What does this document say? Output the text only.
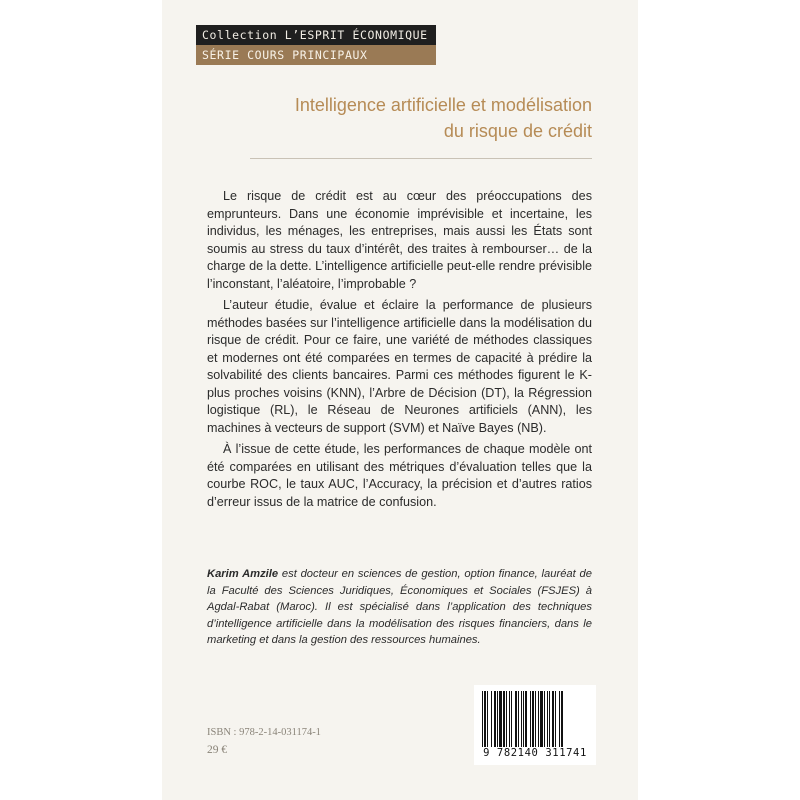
Collection L’ESPRIT ÉCONOMIQUE
SÉRIE COURS PRINCIPAUX
Intelligence artificielle et modélisation
du risque de crédit

Le risque de crédit est au cœur des préoccupations des emprunteurs. Dans une économie imprévisible et incertaine, les individus, les ménages, les entreprises, mais aussi les États sont soumis au stress du taux d’intérêt, des traites à rembourser… de la charge de la dette. L’intelligence artificielle peut-elle rendre prévisible l’inconstant, l’aléatoire, l’improbable ?

L’auteur étudie, évalue et éclaire la performance de plusieurs méthodes basées sur l’intelligence artificielle dans la modélisation du risque de crédit. Pour ce faire, une variété de méthodes classiques et modernes ont été comparées en termes de capacité à prédire la solvabilité des clients bancaires. Parmi ces méthodes figurent le K-plus proches voisins (KNN), l’Arbre de Décision (DT), la Régression logistique (RL), le Réseau de Neurones artificiels (ANN), les machines à vecteurs de support (SVM) et Naïve Bayes (NB).

À l’issue de cette étude, les performances de chaque modèle ont été comparées en utilisant des métriques d’évaluation telles que la courbe ROC, le taux AUC, l’Accuracy, la précision et d’autres ratios d’erreur issus de la matrice de confusion.

Karim Amzile est docteur en sciences de gestion, option finance, lauréat de la Faculté des Sciences Juridiques, Économiques et Sociales (FSJES) à Agdal-Rabat (Maroc). Il est spécialisé dans l’application des techniques d’intelligence artificielle dans la modélisation des risques financiers, dans le marketing et dans la gestion des ressources humaines.
ISBN : 978-2-14-031174-1
29 €	9 782140 311741
